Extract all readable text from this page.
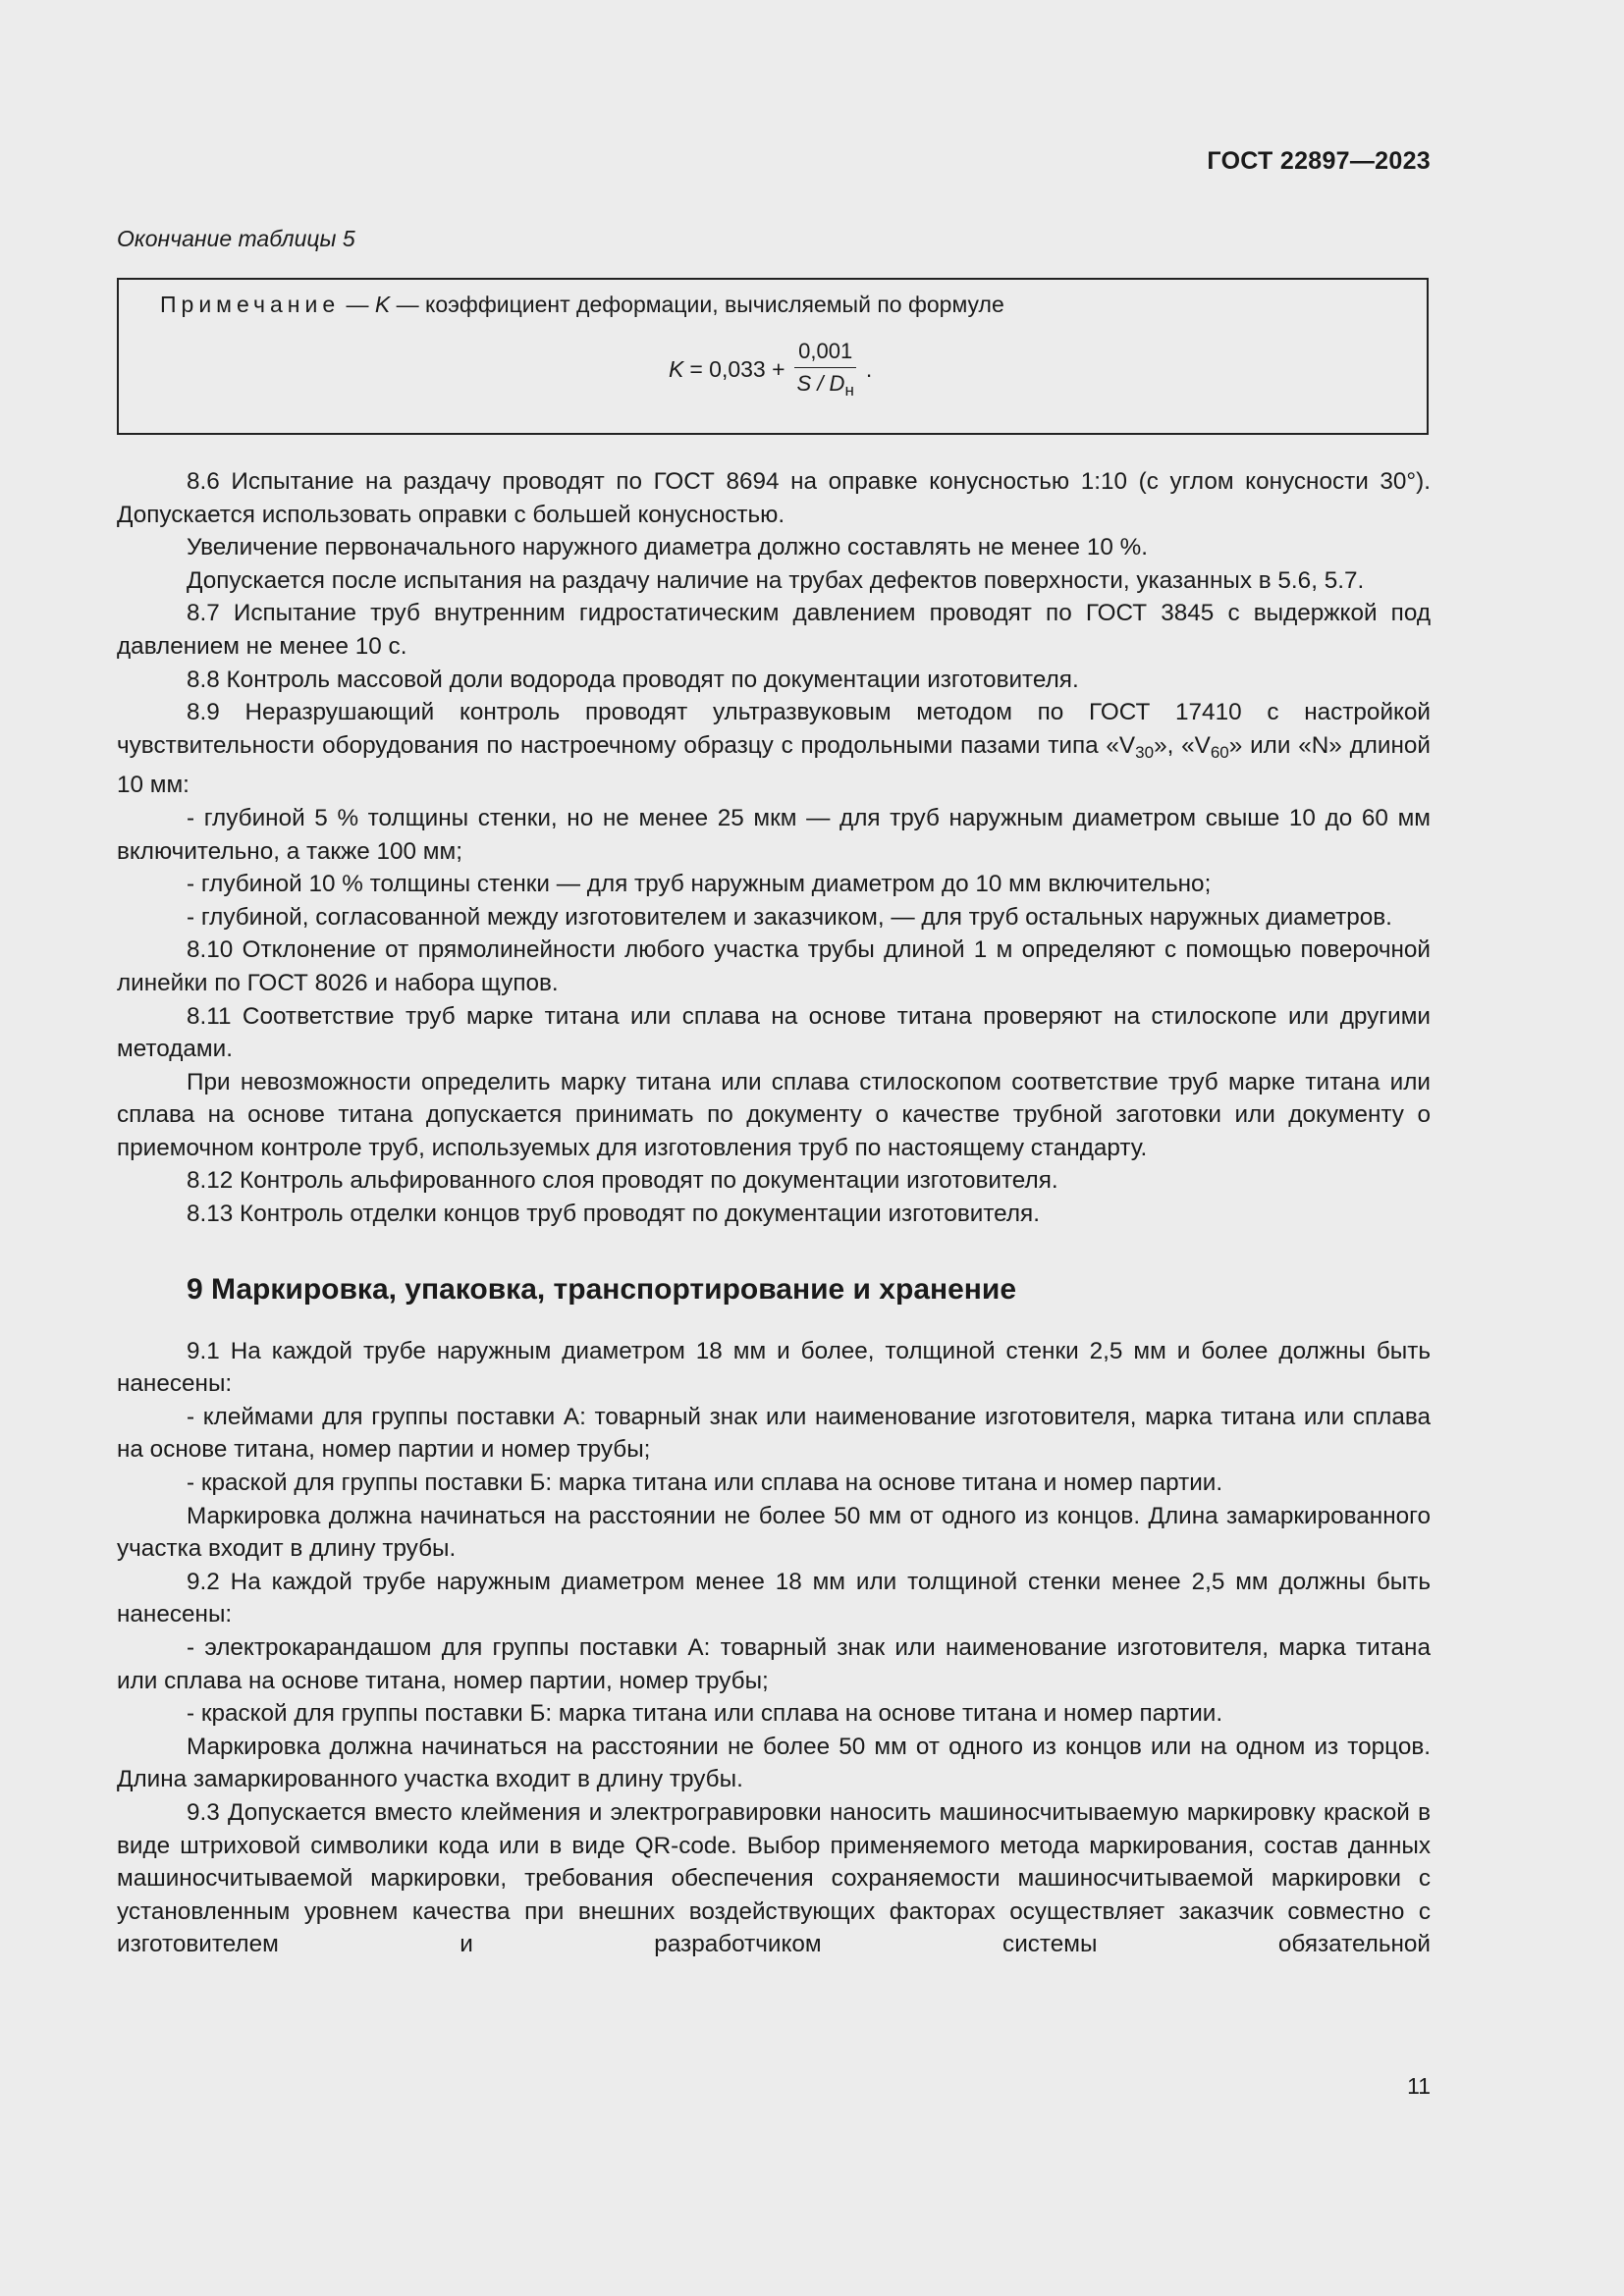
ГОСТ 22897—2023
Окончание таблицы 5
Примечание — K — коэффициент деформации, вычисляемый по формуле
$K = 0,033 + \frac{0,001}{S / D_н}$ .

8.6 Испытание на раздачу проводят по ГОСТ 8694 на оправке конусностью 1:10 (с углом конусности 30°). Допускается использовать оправки с большей конусностью.

Увеличение первоначального наружного диаметра должно составлять не менее 10 %.

Допускается после испытания на раздачу наличие на трубах дефектов поверхности, указанных в 5.6, 5.7.

8.7 Испытание труб внутренним гидростатическим давлением проводят по ГОСТ 3845 с выдержкой под давлением не менее 10 с.

8.8 Контроль массовой доли водорода проводят по документации изготовителя.

8.9 Неразрушающий контроль проводят ультразвуковым методом по ГОСТ 17410 с настройкой чувствительности оборудования по настроечному образцу с продольными пазами типа «$V_{30}$», «$V_{60}$» или «N» длиной 10 мм:

- глубиной 5 % толщины стенки, но не менее 25 мкм — для труб наружным диаметром свыше 10 до 60 мм включительно, а также 100 мм;

- глубиной 10 % толщины стенки — для труб наружным диаметром до 10 мм включительно;

- глубиной, согласованной между изготовителем и заказчиком, — для труб остальных наружных диаметров.

8.10 Отклонение от прямолинейности любого участка трубы длиной 1 м определяют с помощью поверочной линейки по ГОСТ 8026 и набора щупов.

8.11 Соответствие труб марке титана или сплава на основе титана проверяют на стилоскопе или другими методами.

При невозможности определить марку титана или сплава стилоскопом соответствие труб марке титана или сплава на основе титана допускается принимать по документу о качестве трубной заготовки или документу о приемочном контроле труб, используемых для изготовления труб по настоящему стандарту.

8.12 Контроль альфированного слоя проводят по документации изготовителя.

8.13 Контроль отделки концов труб проводят по документации изготовителя.

9 Маркировка, упаковка, транспортирование и хранение

9.1 На каждой трубе наружным диаметром 18 мм и более, толщиной стенки 2,5 мм и более должны быть нанесены:

- клеймами для группы поставки А: товарный знак или наименование изготовителя, марка титана или сплава на основе титана, номер партии и номер трубы;

- краской для группы поставки Б: марка титана или сплава на основе титана и номер партии.

Маркировка должна начинаться на расстоянии не более 50 мм от одного из концов. Длина замаркированного участка входит в длину трубы.

9.2 На каждой трубе наружным диаметром менее 18 мм или толщиной стенки менее 2,5 мм должны быть нанесены:

- электрокарандашом для группы поставки А: товарный знак или наименование изготовителя, марка титана или сплава на основе титана, номер партии, номер трубы;

- краской для группы поставки Б: марка титана или сплава на основе титана и номер партии.

Маркировка должна начинаться на расстоянии не более 50 мм от одного из концов или на одном из торцов. Длина замаркированного участка входит в длину трубы.

9.3 Допускается вместо клеймения и электрогравировки наносить машиносчитываемую маркировку краской в виде штриховой символики кода или в виде QR-code. Выбор применяемого метода маркирования, состав данных машиносчитываемой маркировки, требования обеспечения сохраняемости машиносчитываемой маркировки с установленным уровнем качества при внешних воздействующих факторах осуществляет заказчик совместно с изготовителем и разработчиком системы обязательной

11
